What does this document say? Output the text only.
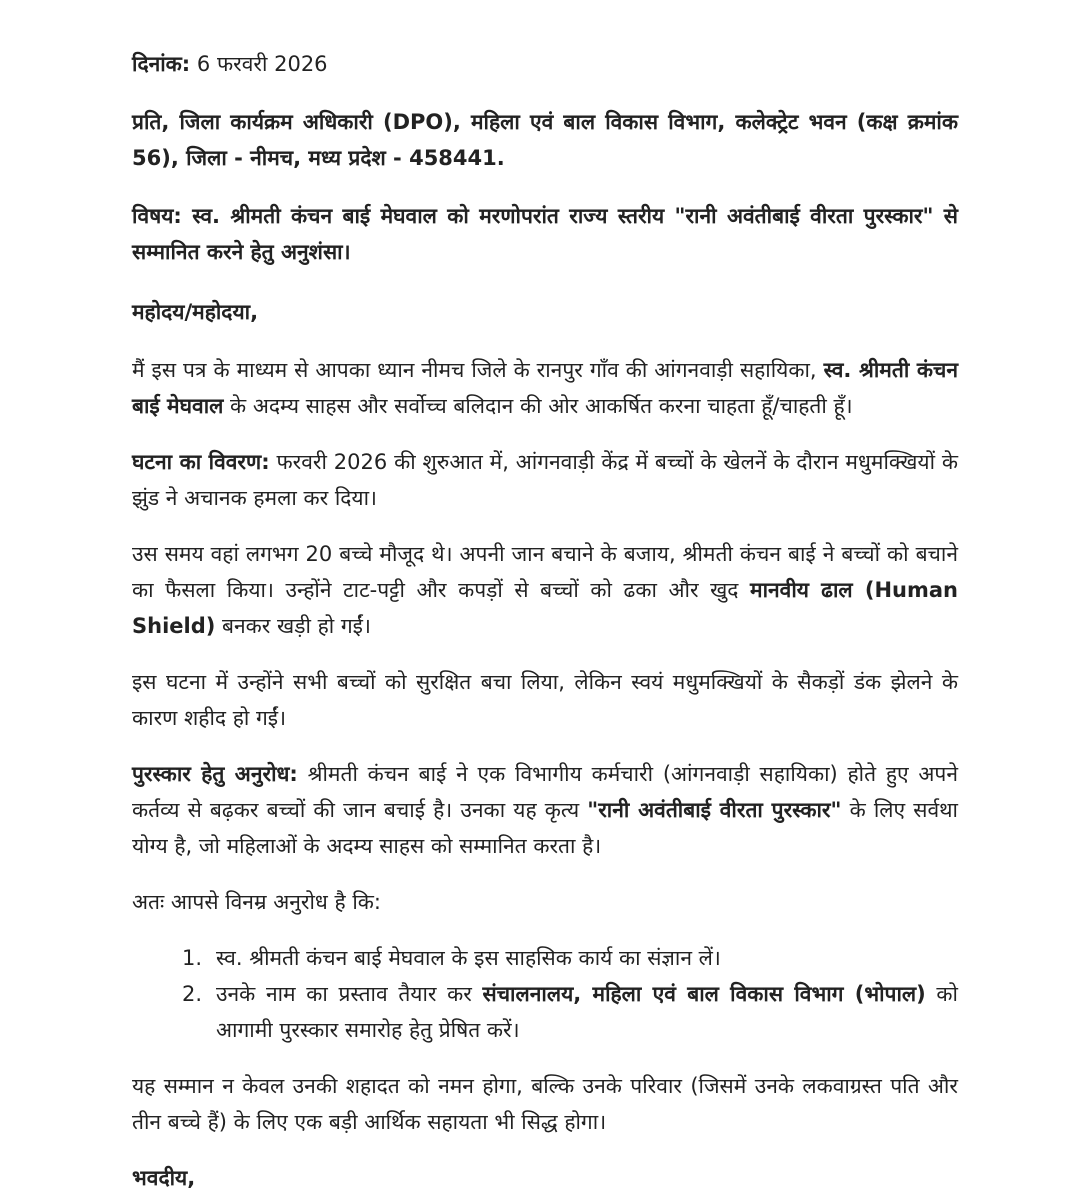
दिनांक: 6 फरवरी 2026

प्रति, जिला कार्यक्रम अधिकारी (DPO), महिला एवं बाल विकास विभाग, कलेक्ट्रेट भवन (कक्ष क्रमांक 56), जिला - नीमच, मध्य प्रदेश - 458441.

विषय: स्व. श्रीमती कंचन बाई मेघवाल को मरणोपरांत राज्य स्तरीय "रानी अवंतीबाई वीरता पुरस्कार" से सम्मानित करने हेतु अनुशंसा।

महोदय/महोदया,

मैं इस पत्र के माध्यम से आपका ध्यान नीमच जिले के रानपुर गाँव की आंगनवाड़ी सहायिका, स्व. श्रीमती कंचन बाई मेघवाल के अदम्य साहस और सर्वोच्च बलिदान की ओर आकर्षित करना चाहता हूँ/चाहती हूँ।

घटना का विवरण: फरवरी 2026 की शुरुआत में, आंगनवाड़ी केंद्र में बच्चों के खेलनें के दौरान मधुमक्खियों के झुंड ने अचानक हमला कर दिया।

उस समय वहां लगभग 20 बच्चे मौजूद थे। अपनी जान बचाने के बजाय, श्रीमती कंचन बाई ने बच्चों को बचाने का फैसला किया। उन्होंने टाट-पट्टी और कपड़ों से बच्चों को ढका और खुद मानवीय ढाल (Human Shield) बनकर खड़ी हो गईं।

इस घटना में उन्होंने सभी बच्चों को सुरक्षित बचा लिया, लेकिन स्वयं मधुमक्खियों के सैकड़ों डंक झेलने के कारण शहीद हो गईं।

पुरस्कार हेतु अनुरोध: श्रीमती कंचन बाई ने एक विभागीय कर्मचारी (आंगनवाड़ी सहायिका) होते हुए अपने कर्तव्य से बढ़कर बच्चों की जान बचाई है। उनका यह कृत्य "रानी अवंतीबाई वीरता पुरस्कार" के लिए सर्वथा योग्य है, जो महिलाओं के अदम्य साहस को सम्मानित करता है।

अतः आपसे विनम्र अनुरोध है कि:

1. स्व. श्रीमती कंचन बाई मेघवाल के इस साहसिक कार्य का संज्ञान लें।
2. उनके नाम का प्रस्ताव तैयार कर संचालनालय, महिला एवं बाल विकास विभाग (भोपाल) को आगामी पुरस्कार समारोह हेतु प्रेषित करें।

यह सम्मान न केवल उनकी शहादत को नमन होगा, बल्कि उनके परिवार (जिसमें उनके लकवाग्रस्त पति और तीन बच्चे हैं) के लिए एक बड़ी आर्थिक सहायता भी सिद्ध होगा।

भवदीय,
